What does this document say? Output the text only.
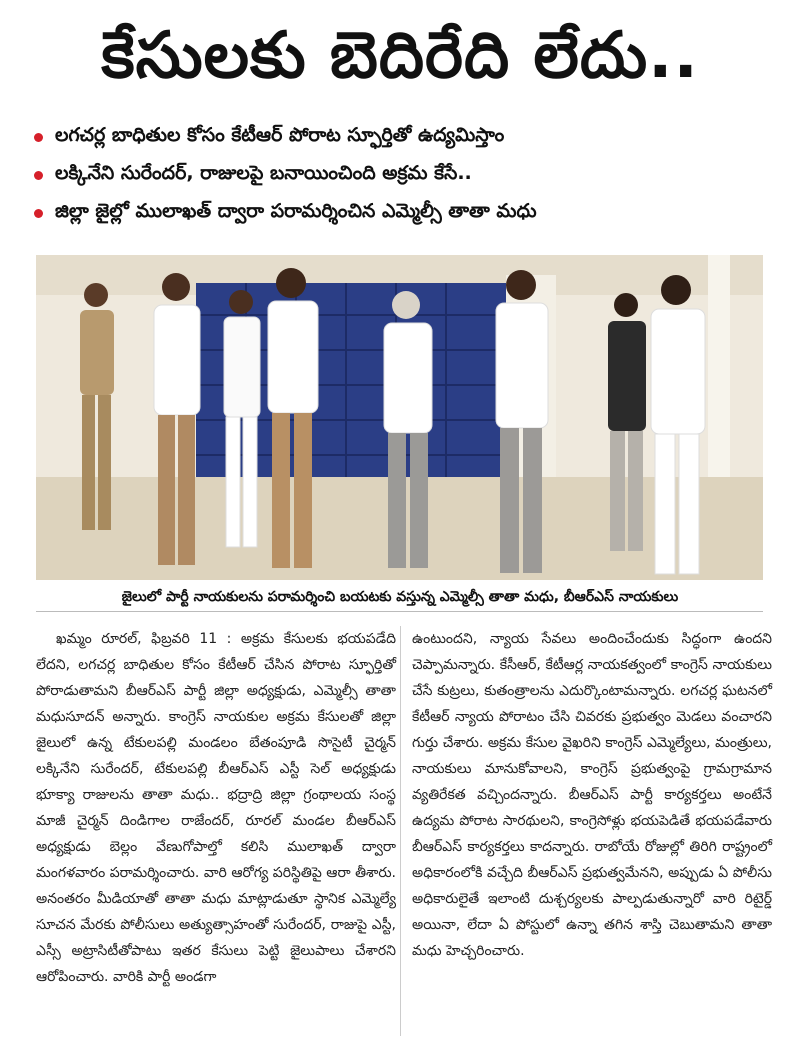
కేసులకు బెదిరేది లేదు..
లగచర్ల బాధితుల కోసం కేటీఆర్ పోరాట స్ఫూర్తితో ఉద్యమిస్తాం
లక్కినేని సురేందర్, రాజులపై బనాయించింది అక్రమ కేసే..
జిల్లా జైల్లో ములాఖత్ ద్వారా పరామర్శించిన ఎమ్మెల్సీ తాతా మధు
జైలులో పార్టీ నాయకులను పరామర్శించి బయటకు వస్తున్న ఎమ్మెల్సీ తాతా మధు, బీఆర్ఎస్ నాయకులు
ఖమ్మం రూరల్, ఫిబ్రవరి 11 : అక్రమ కేసులకు భయపడేది లేదని, లగచర్ల బాధితుల కోసం కేటీఆర్ చేసిన పోరాట స్ఫూర్తితో పోరాడుతామని బీఆర్ఎస్ పార్టీ జిల్లా అధ్యక్షుడు, ఎమ్మెల్సీ తాతా మధుసూదన్ అన్నారు. కాంగ్రెస్ నాయకుల అక్రమ కేసులతో జిల్లా జైలులో ఉన్న టేకులపల్లి మండలం బేతంపూడి సొసైటీ చైర్మన్ లక్కినేని సురేందర్, టేకులపల్లి బీఆర్ఎస్ ఎస్టీ సెల్ అధ్యక్షుడు భూక్యా రాజులను తాతా మధు.. భద్రాద్రి జిల్లా గ్రంథాలయ సంస్థ మాజీ చైర్మన్ దిండిగాల రాజేందర్, రూరల్ మండల బీఆర్ఎస్ అధ్యక్షుడు బెల్లం వేణుగోపాల్తో కలిసి ములాఖత్ ద్వారా మంగళవారం పరామర్శించారు. వారి ఆరోగ్య పరిస్థితిపై ఆరా తీశారు. అనంతరం మీడియాతో తాతా మధు మాట్లాడుతూ స్థానిక ఎమ్మెల్యే సూచన మేరకు పోలీసులు అత్యుత్సాహంతో సురేందర్, రాజుపై ఎస్టీ, ఎస్సీ అట్రాసిటీతోపాటు ఇతర కేసులు పెట్టి జైలుపాలు చేశారని ఆరోపించారు. వారికి పార్టీ అండగా
ఉంటుందని, న్యాయ సేవలు అందించేందుకు సిద్ధంగా ఉందని చెప్పామన్నారు. కేసీఆర్, కేటీఆర్ల నాయకత్వంలో కాంగ్రెస్ నాయకులు చేసే కుట్రలు, కుతంత్రాలను ఎదుర్కొంటామన్నారు. లగచర్ల ఘటనలో కేటీఆర్ న్యాయ పోరాటం చేసి చివరకు ప్రభుత్వం మెడలు వంచారని గుర్తు చేశారు. అక్రమ కేసుల వైఖరిని కాంగ్రెస్ ఎమ్మెల్యేలు, మంత్రులు, నాయకులు మానుకోవాలని, కాంగ్రెస్ ప్రభుత్వంపై గ్రామగ్రామాన వ్యతిరేకత వచ్చిందన్నారు. బీఆర్ఎస్ పార్టీ కార్యకర్తలు అంటేనే ఉద్యమ పోరాట సారథులని, కాంగ్రెసోళ్లు భయపెడితే భయపడేవారు బీఆర్ఎస్ కార్యకర్తలు కాదన్నారు. రాబోయే రోజుల్లో తిరిగి రాష్ట్రంలో అధికారంలోకి వచ్చేది బీఆర్ఎస్ ప్రభుత్వమేనని, అప్పుడు ఏ పోలీసు అధికారులైతే ఇలాంటి దుశ్చర్యలకు పాల్పడుతున్నారో వారి రిటైర్డ్ అయినా, లేదా ఏ పోస్టులో ఉన్నా తగిన శాస్తి చెబుతామని తాతా మధు హెచ్చరించారు.
